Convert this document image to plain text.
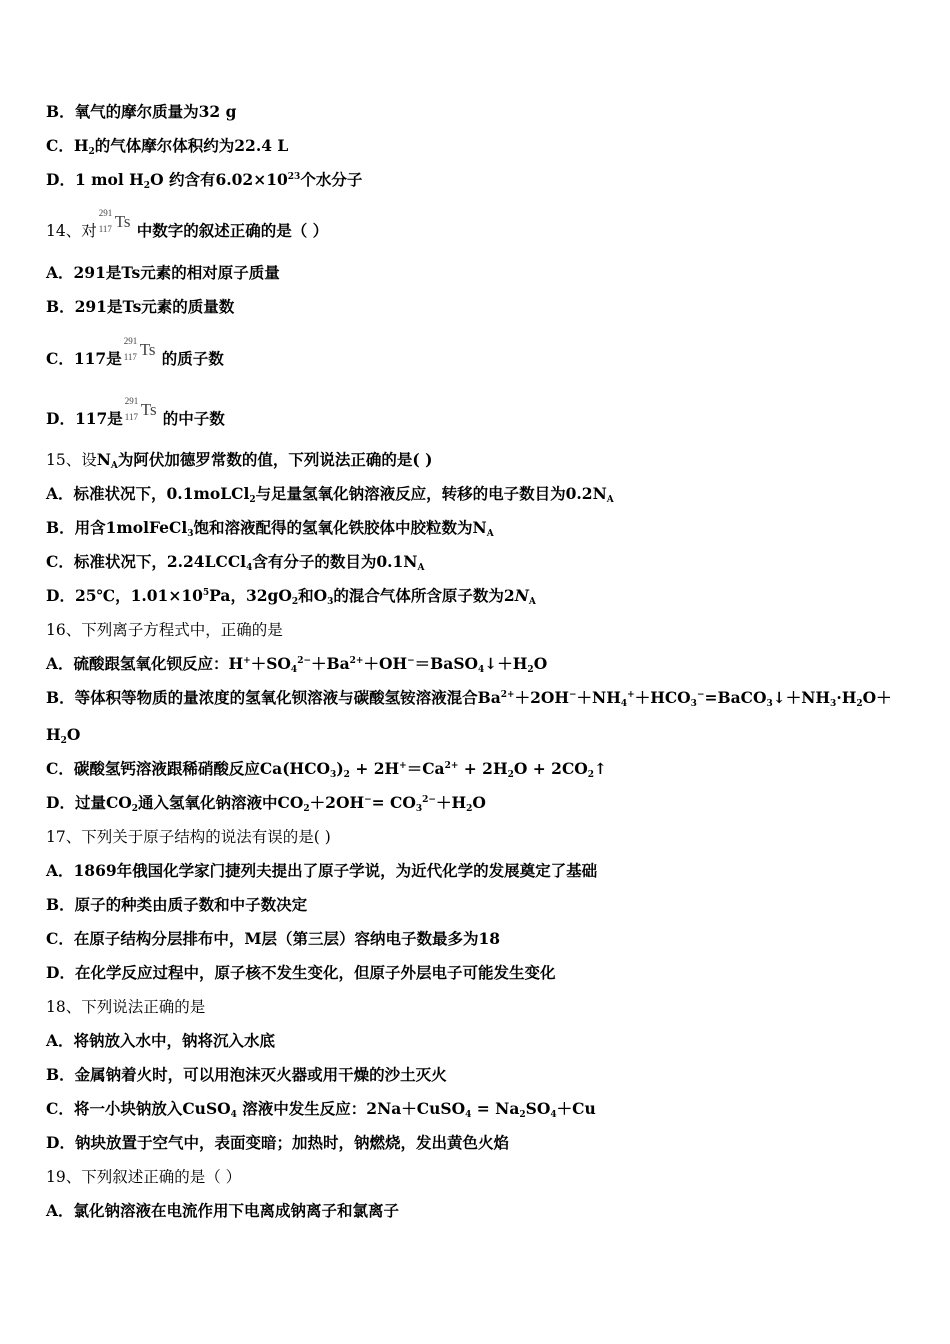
B．氧气的摩尔质量为32 g
C．$H_2$的气体摩尔体积约为22.4 L
D．1 mol $H_2O$ 约含有$6.02\times 10^{23}$个水分子
14、对
291
117 Ts 中数字的叙述正确的是（ ）
A．291是Ts元素的相对原子质量
B．291是Ts元素的质量数
C．117是
291
117 Ts 的质子数
D．117是
291
117 Ts 的中子数
15、设$N_A$为阿伏加德罗常数的值，下列说法正确的是( )
A．标准状况下，0.1moLCl$_2$与足量氢氧化钠溶液反应，转移的电子数目为$0.2N_A$
B．用含1molFeCl$_3$饱和溶液配得的氢氧化铁胶体中胶粒数为$N_A$
C．标准状况下，2.24LCCl$_4$含有分子的数目为$0.1N_A$
D．25℃，$1.01\times 10^5Pa$，$32gO_2$和$O_3$的混合气体所含原子数为$2N_A$
16、下列离子方程式中，正确的是
A．硫酸跟氢氧化钡反应：$H^++SO_4^{2-}+Ba^{2+}+OH^-=BaSO_4↓+H_2O$
B．等体积等物质的量浓度的氢氧化钡溶液与碳酸氢铵溶液混合$Ba^{2+}+2OH^-+NH_4^++HCO_3^-=BaCO_3↓+NH_3\cdot H_2O+$
$H_2O$
C．碳酸氢钙溶液跟稀硝酸反应$Ca(HCO_3)_2 + 2H^+=Ca^{2+} + 2H_2O$ + $2CO_2↑$
D．过量$CO_2$通入氢氧化钠溶液中$CO_2+2OH^-= CO_3^{2-}+H_2O$
17、下列关于原子结构的说法有误的是( )
A．1869年俄国化学家门捷列夫提出了原子学说，为近代化学的发展奠定了基础
B．原子的种类由质子数和中子数决定
C．在原子结构分层排布中，M层（第三层）容纳电子数最多为18
D．在化学反应过程中，原子核不发生变化，但原子外层电子可能发生变化
18、下列说法正确的是
A．将钠放入水中，钠将沉入水底
B．金属钠着火时，可以用泡沫灭火器或用干燥的沙土灭火
C．将一小块钠放入CuSO$_4$ 溶液中发生反应：2Na＋CuSO$_4$ = $Na_2SO_4+Cu$
D．钠块放置于空气中，表面变暗；加热时，钠燃烧，发出黄色火焰
19、下列叙述正确的是（ ）
A．氯化钠溶液在电流作用下电离成钠离子和氯离子
